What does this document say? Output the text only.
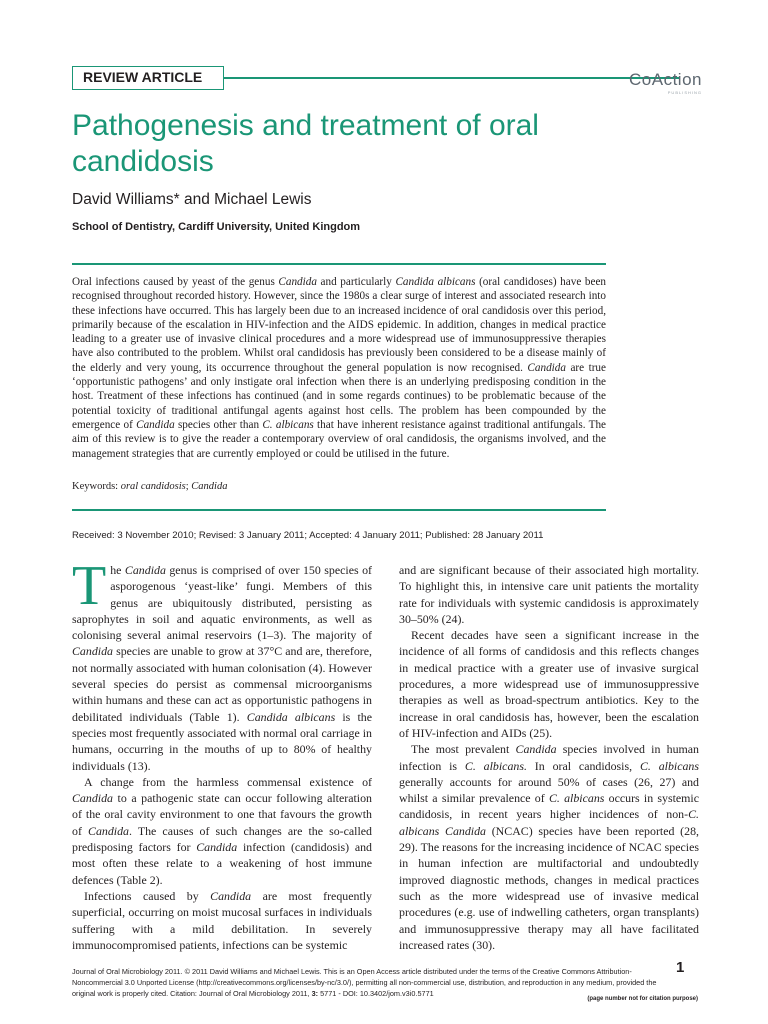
REVIEW ARTICLE	CoAction
PUBLISHING
Pathogenesis and treatment of oral candidosis
David Williams* and Michael Lewis
School of Dentistry, Cardiff University, United Kingdom

Oral infections caused by yeast of the genus Candida and particularly Candida albicans (oral candidoses) have been recognised throughout recorded history. However, since the 1980s a clear surge of interest and associated research into these infections have occurred. This has largely been due to an increased incidence of oral candidosis over this period, primarily because of the escalation in HIV-infection and the AIDS epidemic. In addition, changes in medical practice leading to a greater use of invasive clinical procedures and a more widespread use of immunosuppressive therapies have also contributed to the problem. Whilst oral candidosis has previously been considered to be a disease mainly of the elderly and very young, its occurrence throughout the general population is now recognised. Candida are true ‘opportunistic pathogens’ and only instigate oral infection when there is an underlying predisposing condition in the host. Treatment of these infections has continued (and in some regards continues) to be problematic because of the potential toxicity of traditional antifungal agents against host cells. The problem has been compounded by the emergence of Candida species other than C. albicans that have inherent resistance against traditional antifungals. The aim of this review is to give the reader a contemporary overview of oral candidosis, the organisms involved, and the management strategies that are currently employed or could be utilised in the future.

Keywords: oral candidosis; Candida
Received: 3 November 2010; Revised: 3 January 2011; Accepted: 4 January 2011; Published: 28 January 2011

The Candida genus is comprised of over 150 species of asporogenous ‘yeast-like’ fungi. Members of this genus are ubiquitously distributed, persisting as saprophytes in soil and aquatic environments, as well as colonising several animal reservoirs (1–3). The majority of Candida species are unable to grow at 37°C and are, therefore, not normally associated with human colonisation (4). However several species do persist as commensal microorganisms within humans and these can act as opportunistic pathogens in debilitated individuals (Table 1). Candida albicans is the species most frequently associated with normal oral carriage in humans, occurring in the mouths of up to 80% of healthy individuals (13).

A change from the harmless commensal existence of Candida to a pathogenic state can occur following alteration of the oral cavity environment to one that favours the growth of Candida. The causes of such changes are the so-called predisposing factors for Candida infection (candidosis) and most often these relate to a weakening of host immune defences (Table 2).

Infections caused by Candida are most frequently superficial, occurring on moist mucosal surfaces in individuals suffering with a mild debilitation. In severely immunocompromised patients, infections can be systemic

and are significant because of their associated high mortality. To highlight this, in intensive care unit patients the mortality rate for individuals with systemic candidosis is approximately 30–50% (24).

Recent decades have seen a significant increase in the incidence of all forms of candidosis and this reflects changes in medical practice with a greater use of invasive surgical procedures, a more widespread use of immunosuppressive therapies as well as broad-spectrum antibiotics. Key to the increase in oral candidosis has, however, been the escalation of HIV-infection and AIDs (25).

The most prevalent Candida species involved in human infection is C. albicans. In oral candidosis, C. albicans generally accounts for around 50% of cases (26, 27) and whilst a similar prevalence of C. albicans occurs in systemic candidosis, in recent years higher incidences of non-C. albicans Candida (NCAC) species have been reported (28, 29). The reasons for the increasing incidence of NCAC species in human infection are multifactorial and undoubtedly improved diagnostic methods, changes in medical practices such as the more widespread use of invasive medical procedures (e.g. use of indwelling catheters, organ transplants) and immunosuppressive therapy may all have facilitated increased rates (30).

Journal of Oral Microbiology 2011. © 2011 David Williams and Michael Lewis. This is an Open Access article distributed under the terms of the Creative Commons Attribution-Noncommercial 3.0 Unported License (http://creativecommons.org/licenses/by-nc/3.0/), permitting all non-commercial use, distribution, and reproduction in any medium, provided the original work is properly cited. Citation: Journal of Oral Microbiology 2011, 3: 5771 - DOI: 10.3402/jom.v3i0.5771
1
(page number not for citation purpose)
